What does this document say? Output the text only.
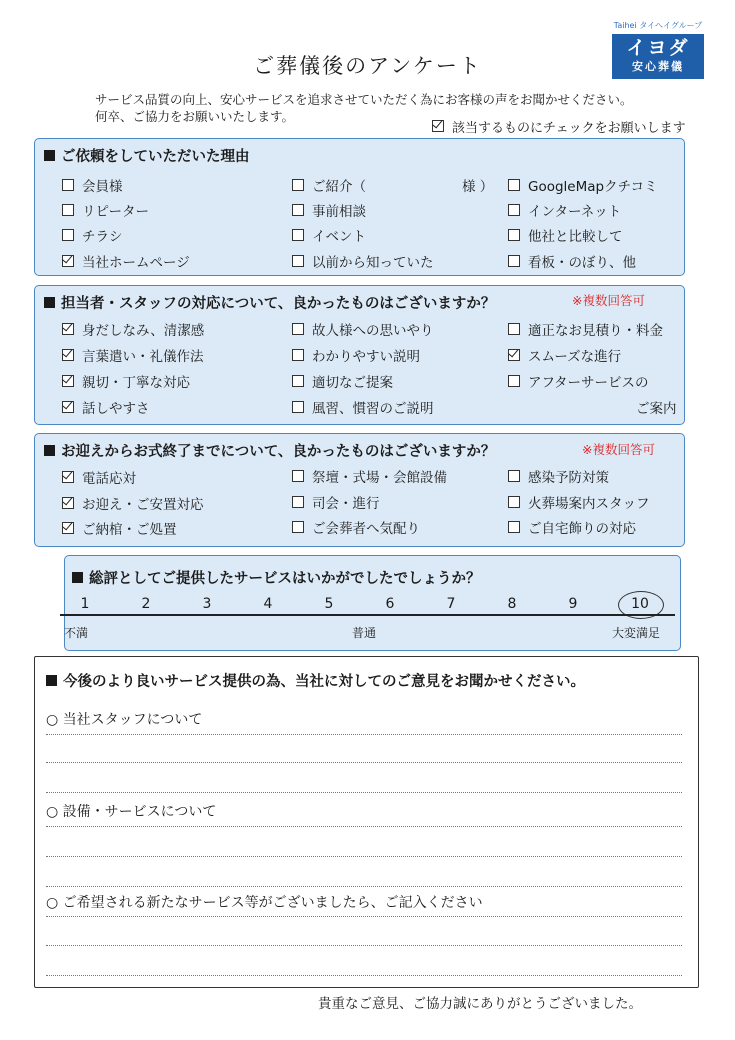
ご葬儀後のアンケート
サービス品質の向上、安心サービスを追求させていただく為にお客様の声をお聞かせください。
何卒、ご協力をお願いいたします。
該当するものにチェックをお願いします
Taihei タイヘイグループ
イヨダ
安心葬儀
ご依頼をしていただいた理由
会員様
リピーター
チラシ
当社ホームページ
ご紹介（	様 ）
事前相談
イベント
以前から知っていた
GoogleMapクチコミ
インターネット
他社と比較して
看板・のぼり、他
担当者・スタッフの対応について、良かったものはございますか？	※複数回答可
身だしなみ、清潔感
言葉遣い・礼儀作法
親切・丁寧な対応
話しやすさ
故人様への思いやり
わかりやすい説明
適切なご提案
風習、慣習のご説明
適正なお見積り・料金
スムーズな進行
アフターサービスの
ご案内
お迎えからお式終了までについて、良かったものはございますか？	※複数回答可
電話応対
お迎え・ご安置対応
ご納棺・ご処置
祭壇・式場・会館設備
司会・進行
ご会葬者へ気配り
感染予防対策
火葬場案内スタッフ
ご自宅飾りの対応
総評としてご提供したサービスはいかがでしたでしょうか？
1	2	3	4	5	6	7	8	9	10
不満	普通	大変満足
今後のより良いサービス提供の為、当社に対してのご意見をお聞かせください。
○ 当社スタッフについて
○ 設備・サービスについて
○ ご希望される新たなサービス等がございましたら、ご記入ください
貴重なご意見、ご協力誠にありがとうございました。
